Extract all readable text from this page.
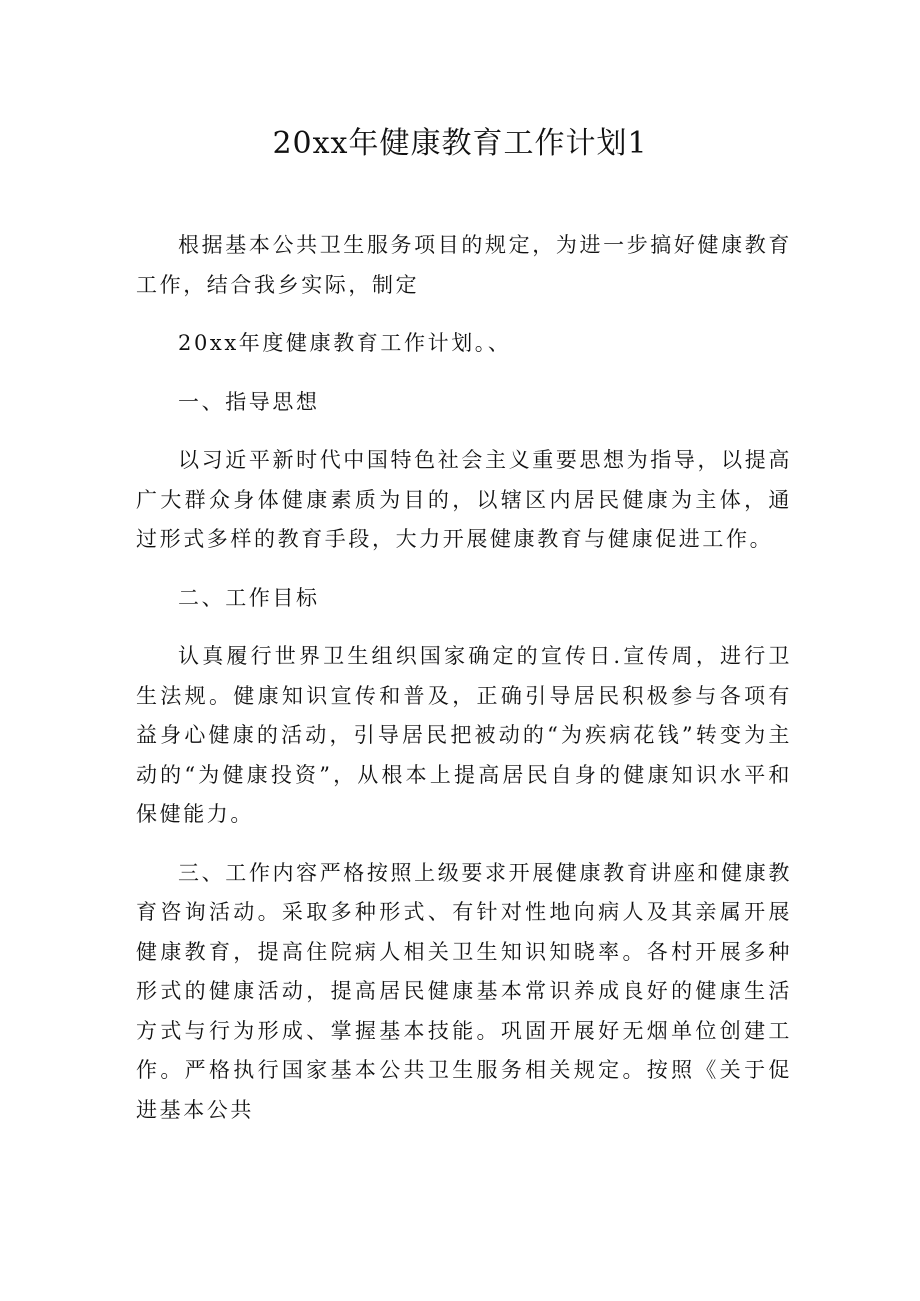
20xx年健康教育工作计划1

根据基本公共卫生服务项目的规定，为进一步搞好健康教育工作，结合我乡实际，制定

20xx年度健康教育工作计划。、

一、指导思想

以习近平新时代中国特色社会主义重要思想为指导，以提高广大群众身体健康素质为目的，以辖区内居民健康为主体，通过形式多样的教育手段，大力开展健康教育与健康促进工作。

二、工作目标

认真履行世界卫生组织国家确定的宣传日.宣传周，进行卫生法规。健康知识宣传和普及，正确引导居民积极参与各项有益身心健康的活动，引导居民把被动的“为疾病花钱”转变为主动的“为健康投资”，从根本上提高居民自身的健康知识水平和保健能力。

三、工作内容严格按照上级要求开展健康教育讲座和健康教育咨询活动。采取多种形式、有针对性地向病人及其亲属开展健康教育，提高住院病人相关卫生知识知晓率。各村开展多种形式的健康活动，提高居民健康基本常识养成良好的健康生活方式与行为形成、掌握基本技能。巩固开展好无烟单位创建工作。严格执行国家基本公共卫生服务相关规定。按照《关于促进基本公共
